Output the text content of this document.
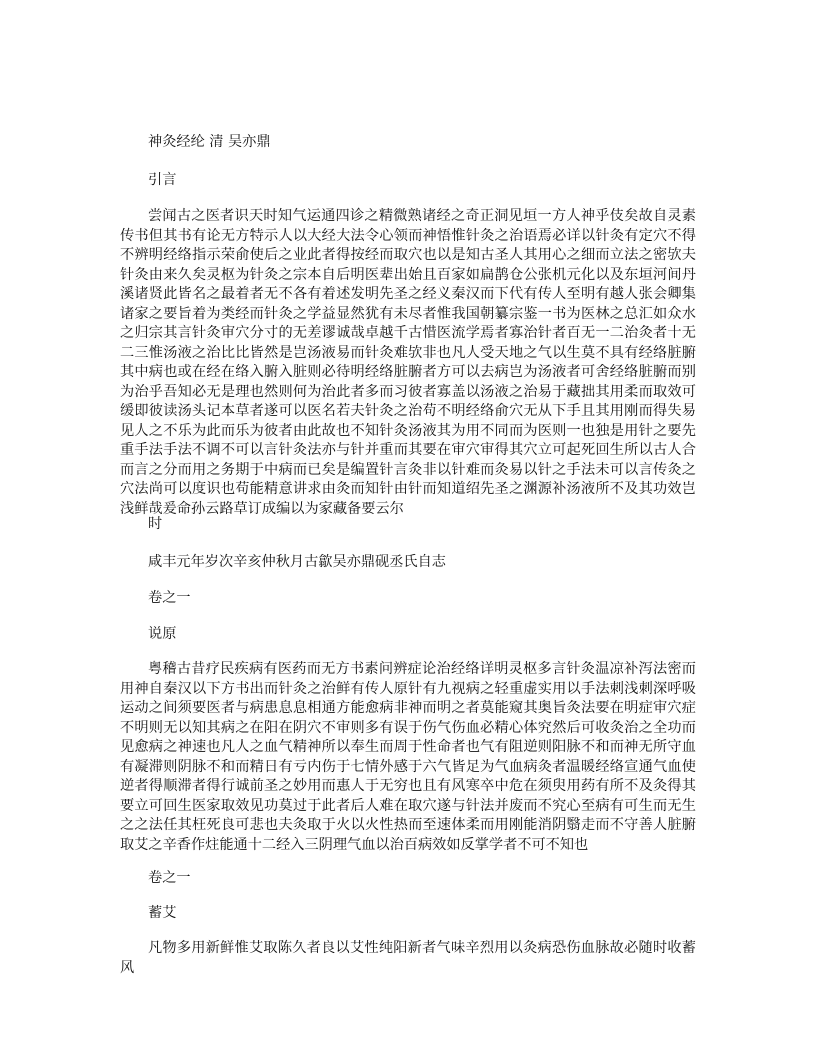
神灸经纶 清 吴亦鼎
引言
尝闻古之医者识天时知气运通四诊之精微熟诸经之奇正洞见垣一方人神乎伎矣故自灵素传书但其书有论无方特示人以大经大法令心领而神悟惟针灸之治语焉必详以针灸有定穴不得不辨明经络指示荣俞使后之业此者得按经而取穴也以是知古圣人其用心之细而立法之密欤夫针灸由来久矣灵枢为针灸之宗本自后明医辈出始且百家如扁鹊仓公张机元化以及东垣河间丹溪诸贤此皆名之最着者无不各有着述发明先圣之经义秦汉而下代有传人至明有越人张会卿集诸家之要旨着为类经而针灸之学益显然犹有未尽者惟我国朝纂宗鉴一书为医林之总汇如众水之归宗其言针灸审穴分寸的无差谬诚哉卓越千古惜医流学焉者寡治针者百无一二治灸者十无二三惟汤液之治比比皆然是岂汤液易而针灸难欤非也凡人受天地之气以生莫不具有经络脏腑其中病也或在经在络入腑入脏则必待明经络脏腑者方可以去病岂为汤液者可舍经络脏腑而别为治乎吾知必无是理也然则何为治此者多而习彼者寡盖以汤液之治易于藏拙其用柔而取效可缓即彼读汤头记本草者遂可以医名若夫针灸之治苟不明经络俞穴无从下手且其用刚而得失易见人之不乐为此而乐为彼者由此故也不知针灸汤液其为用不同而为医则一也独是用针之要先重手法手法不调不可以言针灸法亦与针并重而其要在审穴审得其穴立可起死回生所以古人合而言之分而用之务期于中病而已矣是编置针言灸非以针难而灸易以针之手法未可以言传灸之穴法尚可以度识也苟能精意讲求由灸而知针由针而知道绍先圣之渊源补汤液所不及其功效岂浅鲜哉爰命孙云路草订成编以为家藏备要云尔
时
咸丰元年岁次辛亥仲秋月古歙吴亦鼎砚丞氏自志
卷之一
说原
粤稽古昔疗民疾病有医药而无方书素问辨症论治经络详明灵枢多言针灸温凉补泻法密而用神自秦汉以下方书出而针灸之治鲜有传人原针有九视病之轻重虚实用以手法刺浅刺深呼吸运动之间须要医者与病患息息相通方能愈病非神而明之者莫能窥其奥旨灸法要在明症审穴症不明则无以知其病之在阳在阴穴不审则多有误于伤气伤血必精心体究然后可收灸治之全功而见愈病之神速也凡人之血气精神所以奉生而周于性命者也气有阻逆则阳脉不和而神无所守血有凝滞则阴脉不和而精日有亏内伤于七情外感于六气皆足为气血病灸者温暖经络宣通气血使逆者得顺滞者得行诚前圣之妙用而惠人于无穷也且有风寒卒中危在须臾用药有所不及灸得其要立可回生医家取效见功莫过于此者后人难在取穴遂与针法并废而不究心至病有可生而无生之之法任其枉死良可悲也夫灸取于火以火性热而至速体柔而用刚能消阴翳走而不守善人脏腑取艾之辛香作炷能通十二经入三阴理气血以治百病效如反掌学者不可不知也
卷之一
蓄艾
凡物多用新鲜惟艾取陈久者良以艾性纯阳新者气味辛烈用以灸病恐伤血脉故必随时收蓄风
